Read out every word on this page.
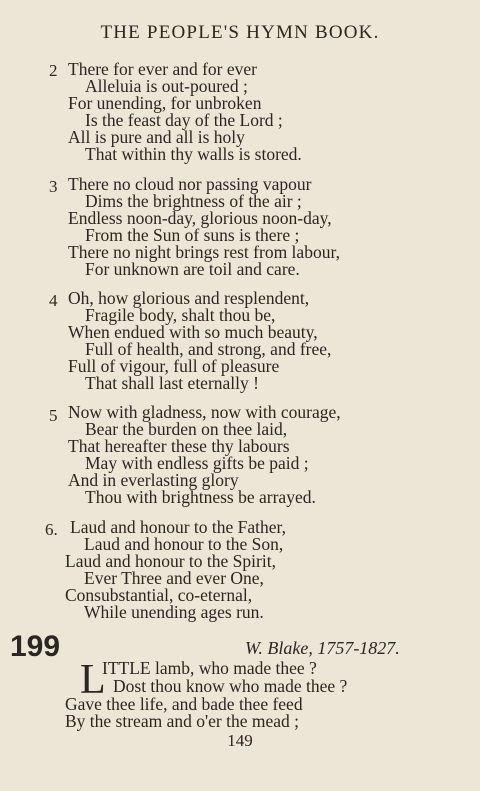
THE PEOPLE'S HYMN BOOK.
2 There for ever and for ever
Alleluia is out-poured ;
For unending, for unbroken
Is the feast day of the Lord ;
All is pure and all is holy
That within thy walls is stored.
3 There no cloud nor passing vapour
Dims the brightness of the air ;
Endless noon-day, glorious noon-day,
From the Sun of suns is there ;
There no night brings rest from labour,
For unknown are toil and care.
4 Oh, how glorious and resplendent,
Fragile body, shalt thou be,
When endued with so much beauty,
Full of health, and strong, and free,
Full of vigour, full of pleasure
That shall last eternally !
5 Now with gladness, now with courage,
Bear the burden on thee laid,
That hereafter these thy labours
May with endless gifts be paid ;
And in everlasting glory
Thou with brightness be arrayed.
6. Laud and honour to the Father,
Laud and honour to the Son,
Laud and honour to the Spirit,
Ever Three and ever One,
Consubstantial, co-eternal,
While unending ages run.
199	W. Blake, 1757-1827.
L
ITTLE lamb, who made thee ?
Dost thou know who made thee ?
Gave thee life, and bade thee feed
By the stream and o'er the mead ;
149
